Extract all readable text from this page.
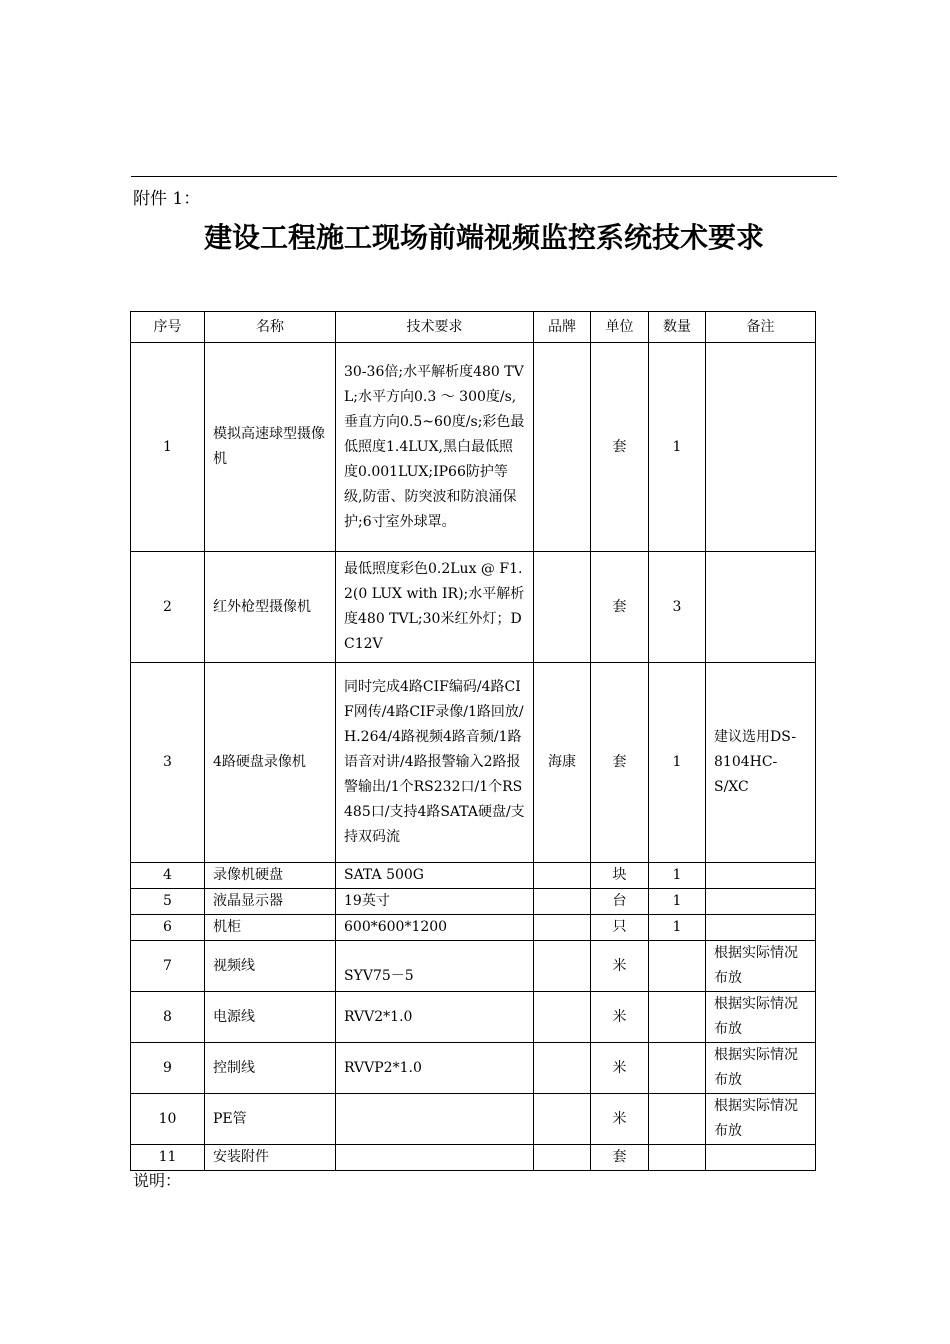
附件 1：
建设工程施工现场前端视频监控系统技术要求
序号	名称	技术要求	品牌	单位	数量	备注
1	模拟高速球型摄像机	30-36倍;水平解析度480 TVL;水平方向0.3 ～ 300度/s,垂直方向0.5~60度/s;彩色最低照度1.4LUX,黑白最低照度0.001LUX;IP66防护等级,防雷、防突波和防浪涌保护;6寸室外球罩。		套	1	
2	红外枪型摄像机	最低照度彩色0.2Lux @ F1.2(0 LUX with IR);水平解析度480 TVL;30米红外灯；DC12V		套	3	
3	4路硬盘录像机	同时完成4路CIF编码/4路CIF网传/4路CIF录像/1路回放/H.264/4路视频4路音频/1路语音对讲/4路报警输入2路报警输出/1个RS232口/1个RS485口/支持4路SATA硬盘/支持双码流	海康	套	1	建议选用DS-8104HC-S/XC
4	录像机硬盘	SATA 500G		块	1	
5	液晶显示器	19英寸		台	1	
6	机柜	600*600*1200		只	1	
7	视频线	SYV75－5		米		根据实际情况布放
8	电源线	RVV2*1.0		米		根据实际情况布放
9	控制线	RVVP2*1.0		米		根据实际情况布放
10	PE管			米		根据实际情况布放
11	安装附件			套		
说明：
